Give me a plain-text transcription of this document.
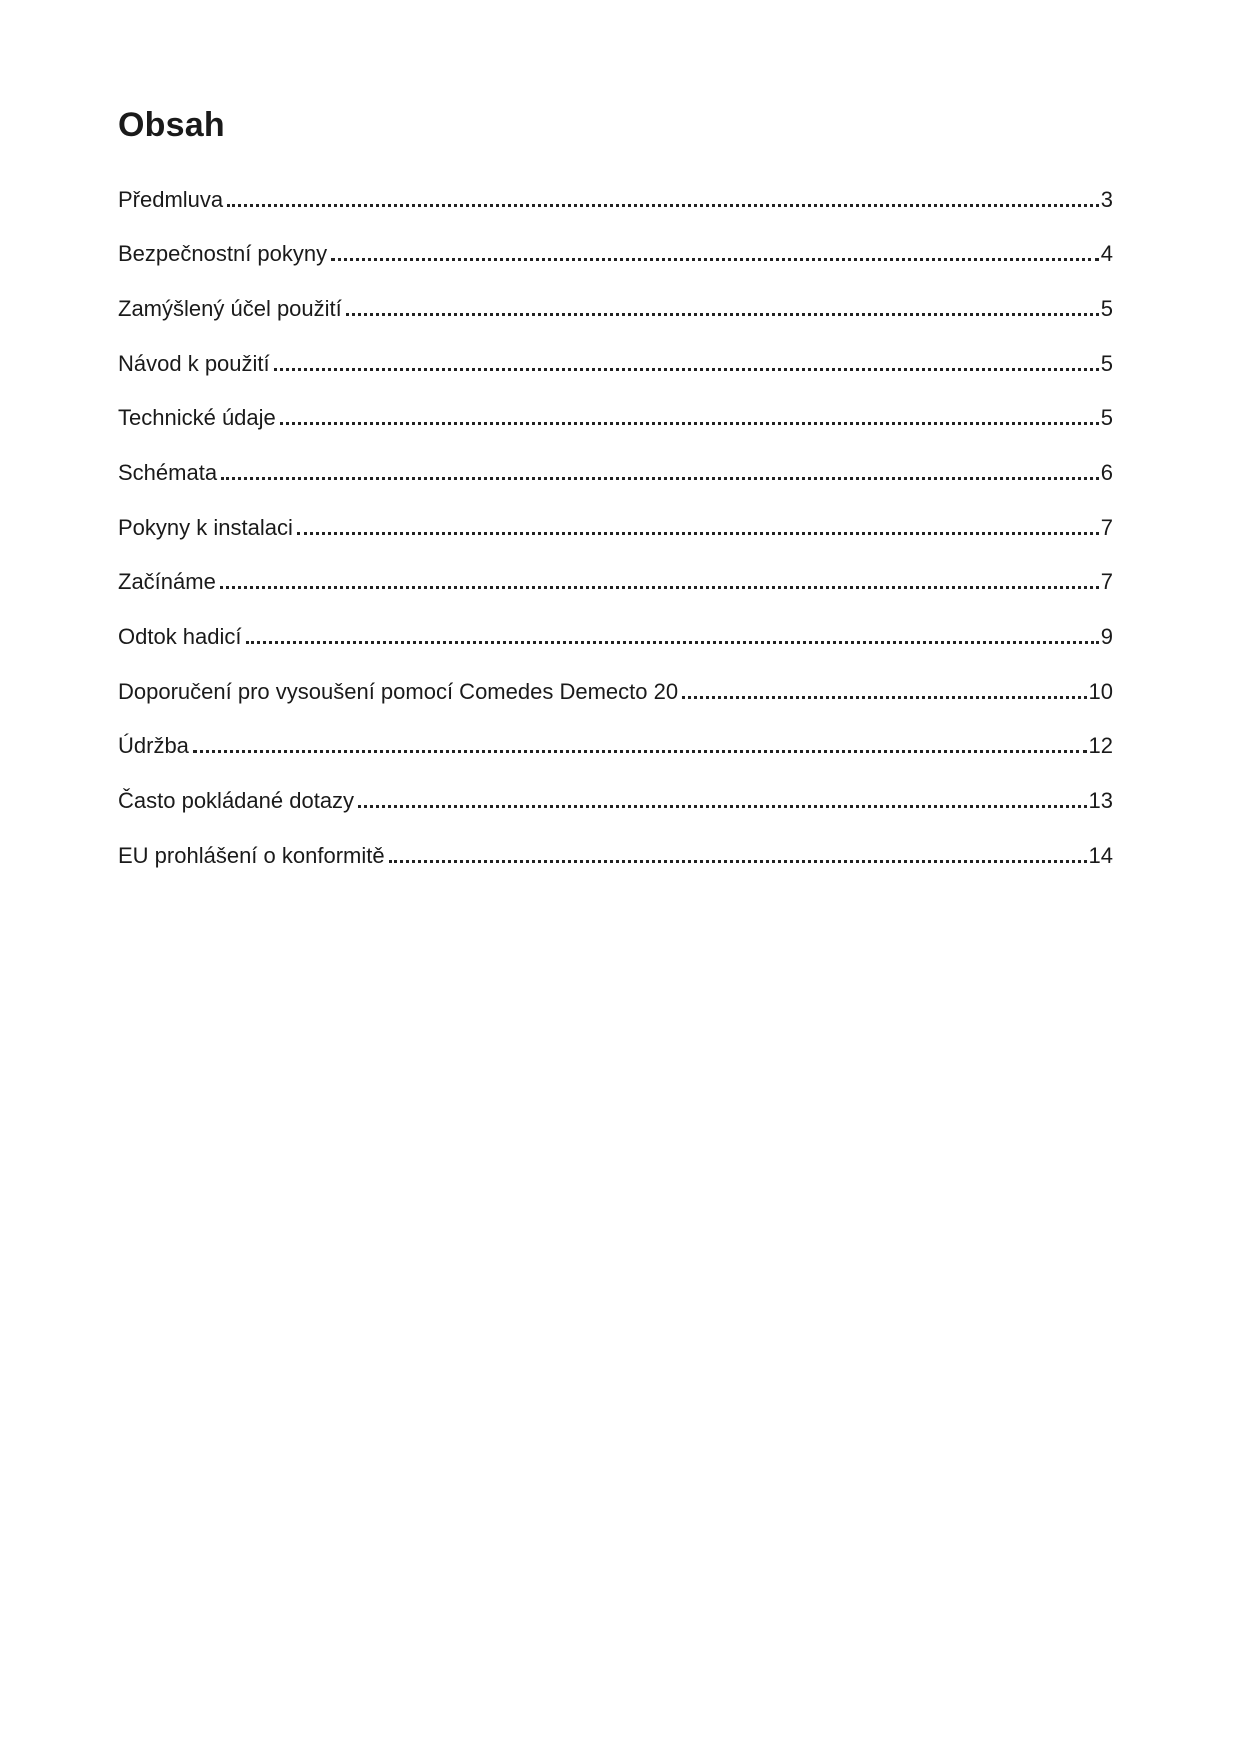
Obsah
Předmluva	3
Bezpečnostní pokyny	4
Zamýšlený účel použití	5
Návod k použití	5
Technické údaje	5
Schémata	6
Pokyny k instalaci	7
Začínáme	7
Odtok hadicí	9
Doporučení pro vysoušení pomocí Comedes Demecto 20	10
Údržba	12
Často pokládané dotazy	13
EU prohlášení o konformitě	14
